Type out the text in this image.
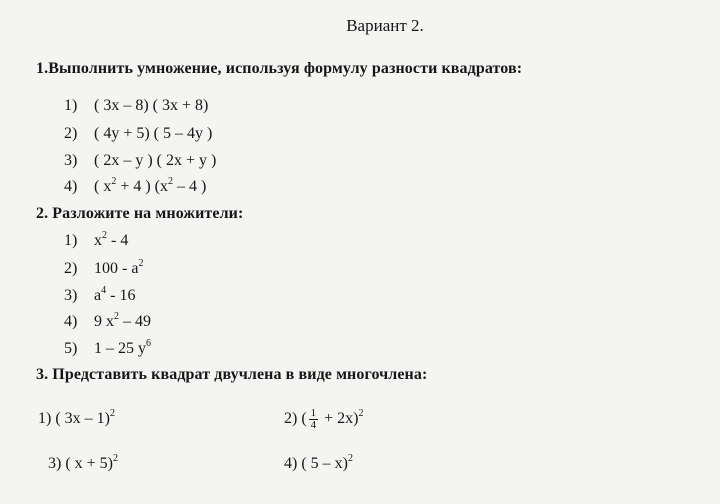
Вариант 2.
1.Выполнить умножение, используя формулу разности квадратов:
1) ( 3x – 8) ( 3x + 8)
2) ( 4y + 5) ( 5 – 4y )
3) ( 2x – y ) ( 2x + y )
4) ( $x^2 + 4$ ) ($x^2 - 4$ )
2. Разложите на множители:
1) $x^2 - 4$
2) $100 - a^2$
3) $a^4 - 16$
4) 9 $x^2 - 49$
5) 1 – 25 $y^6$
3. Представить квадрат двучлена в виде многочлена:
1) ( 3x – 1)$^2$	2) ( $\frac{1}{4} + 2x)^2$
3) ( x + 5)$^2$	4) ( 5 – x)$^2$
